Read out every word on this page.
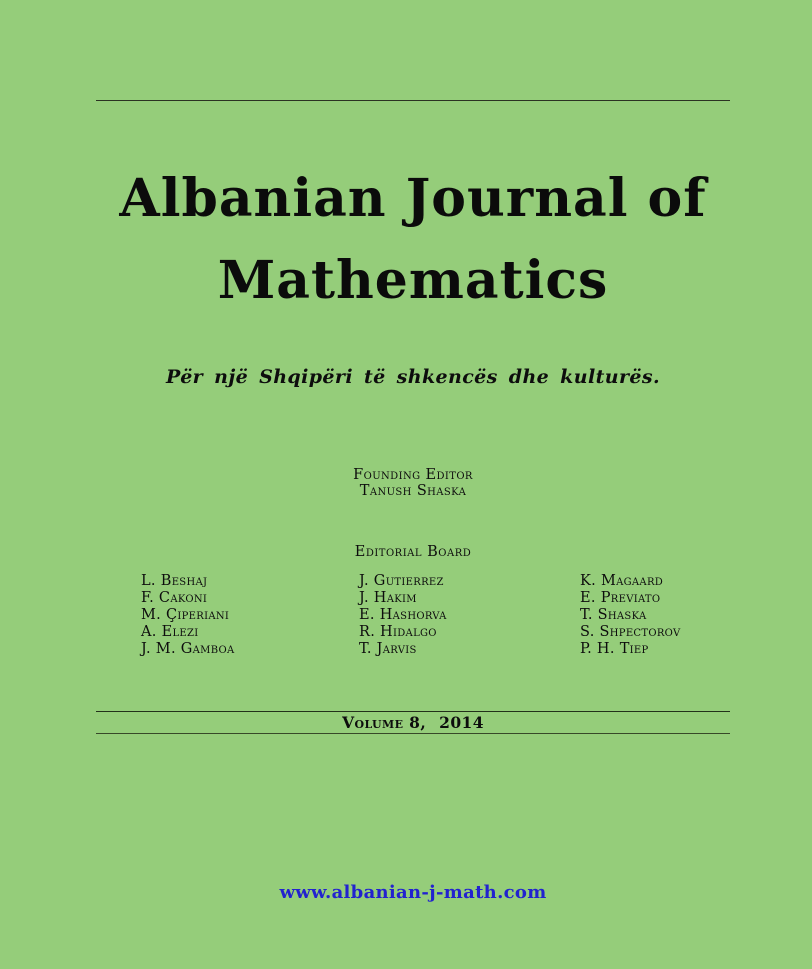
Albanian Journal of
Mathematics
Për një Shqipëri të shkencës dhe kulturës.
Founding Editor
Tanush Shaska
Editorial Board
L. Beshaj
F. Cakoni
M. Çiperiani
A. Elezi
J. M. Gamboa
J. Gutierrez
J. Hakim
E. Hashorva
R. Hidalgo
T. Jarvis
K. Magaard
E. Previato
T. Shaska
S. Shpectorov
P. H. Tiep
Volume 8, 2014
www.albanian-j-math.com
